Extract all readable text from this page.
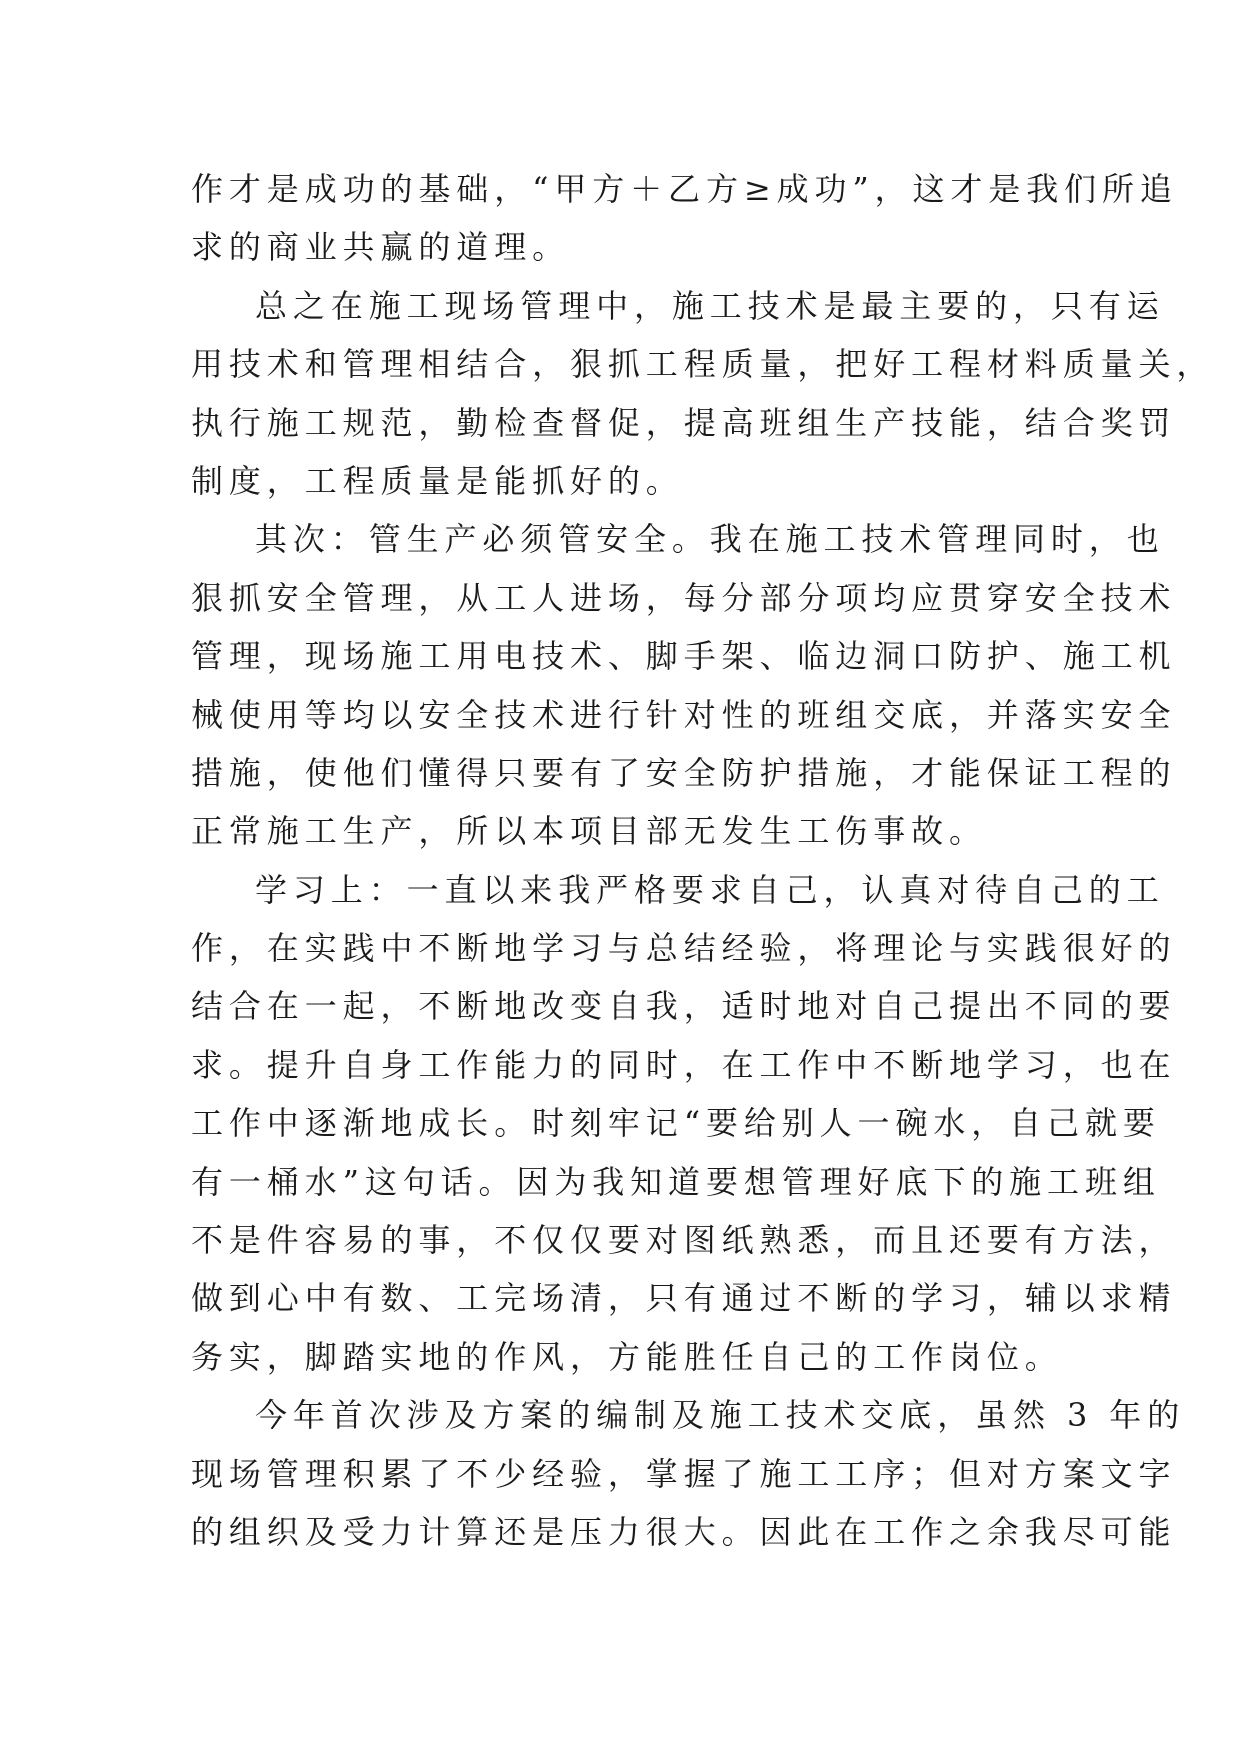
作才是成功的基础，“甲方＋乙方≥成功”，这才是我们所追
求的商业共赢的道理。
总之在施工现场管理中，施工技术是最主要的，只有运
用技术和管理相结合，狠抓工程质量，把好工程材料质量关，
执行施工规范，勤检查督促，提高班组生产技能，结合奖罚
制度，工程质量是能抓好的。
其次：管生产必须管安全。我在施工技术管理同时，也
狠抓安全管理，从工人进场，每分部分项均应贯穿安全技术
管理，现场施工用电技术、脚手架、临边洞口防护、施工机
械使用等均以安全技术进行针对性的班组交底，并落实安全
措施，使他们懂得只要有了安全防护措施，才能保证工程的
正常施工生产，所以本项目部无发生工伤事故。
学习上：一直以来我严格要求自己，认真对待自己的工
作，在实践中不断地学习与总结经验，将理论与实践很好的
结合在一起，不断地改变自我，适时地对自己提出不同的要
求。提升自身工作能力的同时，在工作中不断地学习，也在
工作中逐渐地成长。时刻牢记“要给别人一碗水，自己就要
有一桶水”这句话。因为我知道要想管理好底下的施工班组
不是件容易的事，不仅仅要对图纸熟悉，而且还要有方法，
做到心中有数、工完场清，只有通过不断的学习，辅以求精
务实，脚踏实地的作风，方能胜任自己的工作岗位。
今年首次涉及方案的编制及施工技术交底，虽然 3 年的
现场管理积累了不少经验，掌握了施工工序；但对方案文字
的组织及受力计算还是压力很大。因此在工作之余我尽可能
